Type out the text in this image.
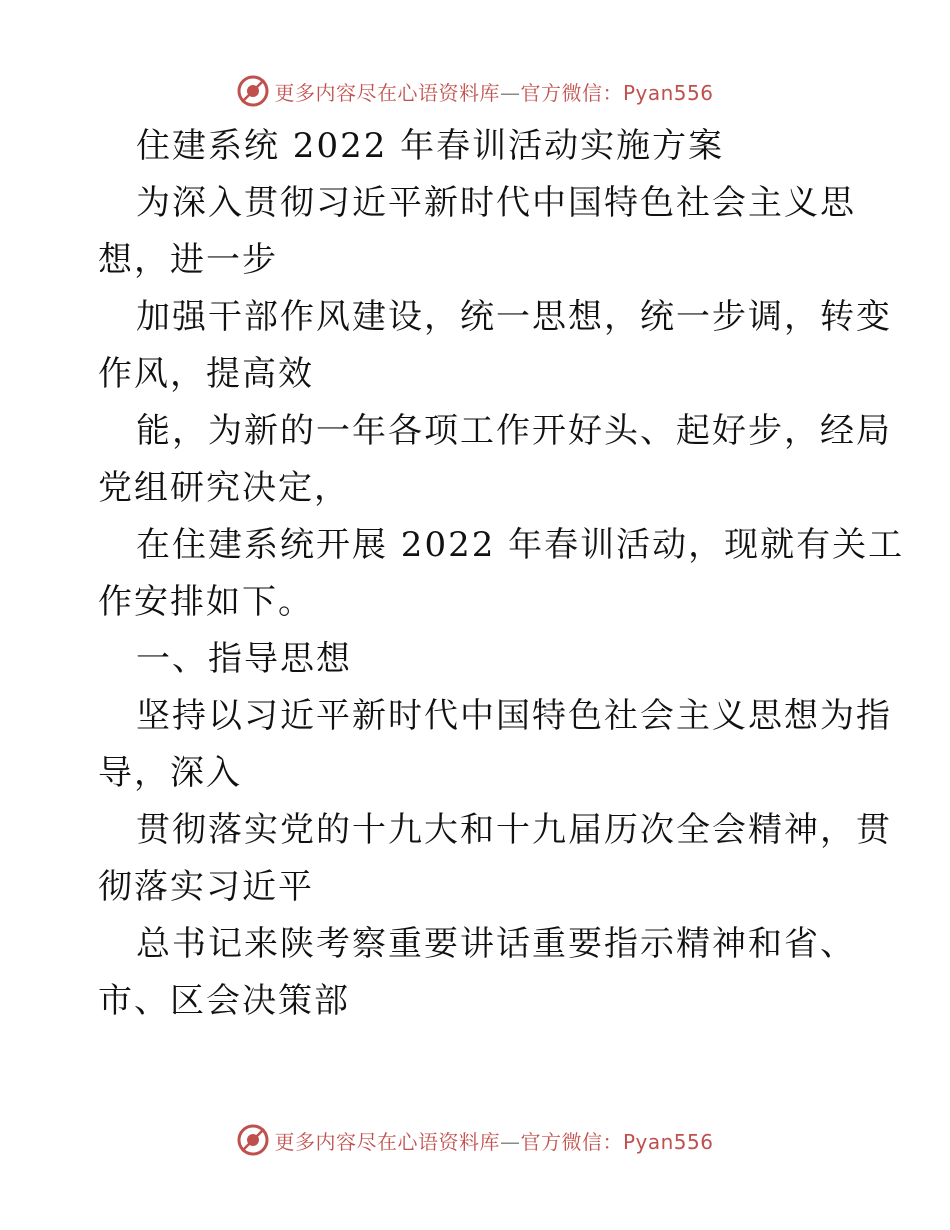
更多内容尽在心语资料库—官方微信：Pyan556
住建系统 2022 年春训活动实施方案
为深入贯彻习近平新时代中国特色社会主义思
想，进一步
加强干部作风建设，统一思想，统一步调，转变
作风，提高效
能，为新的一年各项工作开好头、起好步，经局
党组研究决定，
在住建系统开展 2022 年春训活动，现就有关工
作安排如下。
一、指导思想
坚持以习近平新时代中国特色社会主义思想为指
导，深入
贯彻落实党的十九大和十九届历次全会精神，贯
彻落实习近平
总书记来陕考察重要讲话重要指示精神和省、
市、区会决策部
更多内容尽在心语资料库—官方微信：Pyan556
